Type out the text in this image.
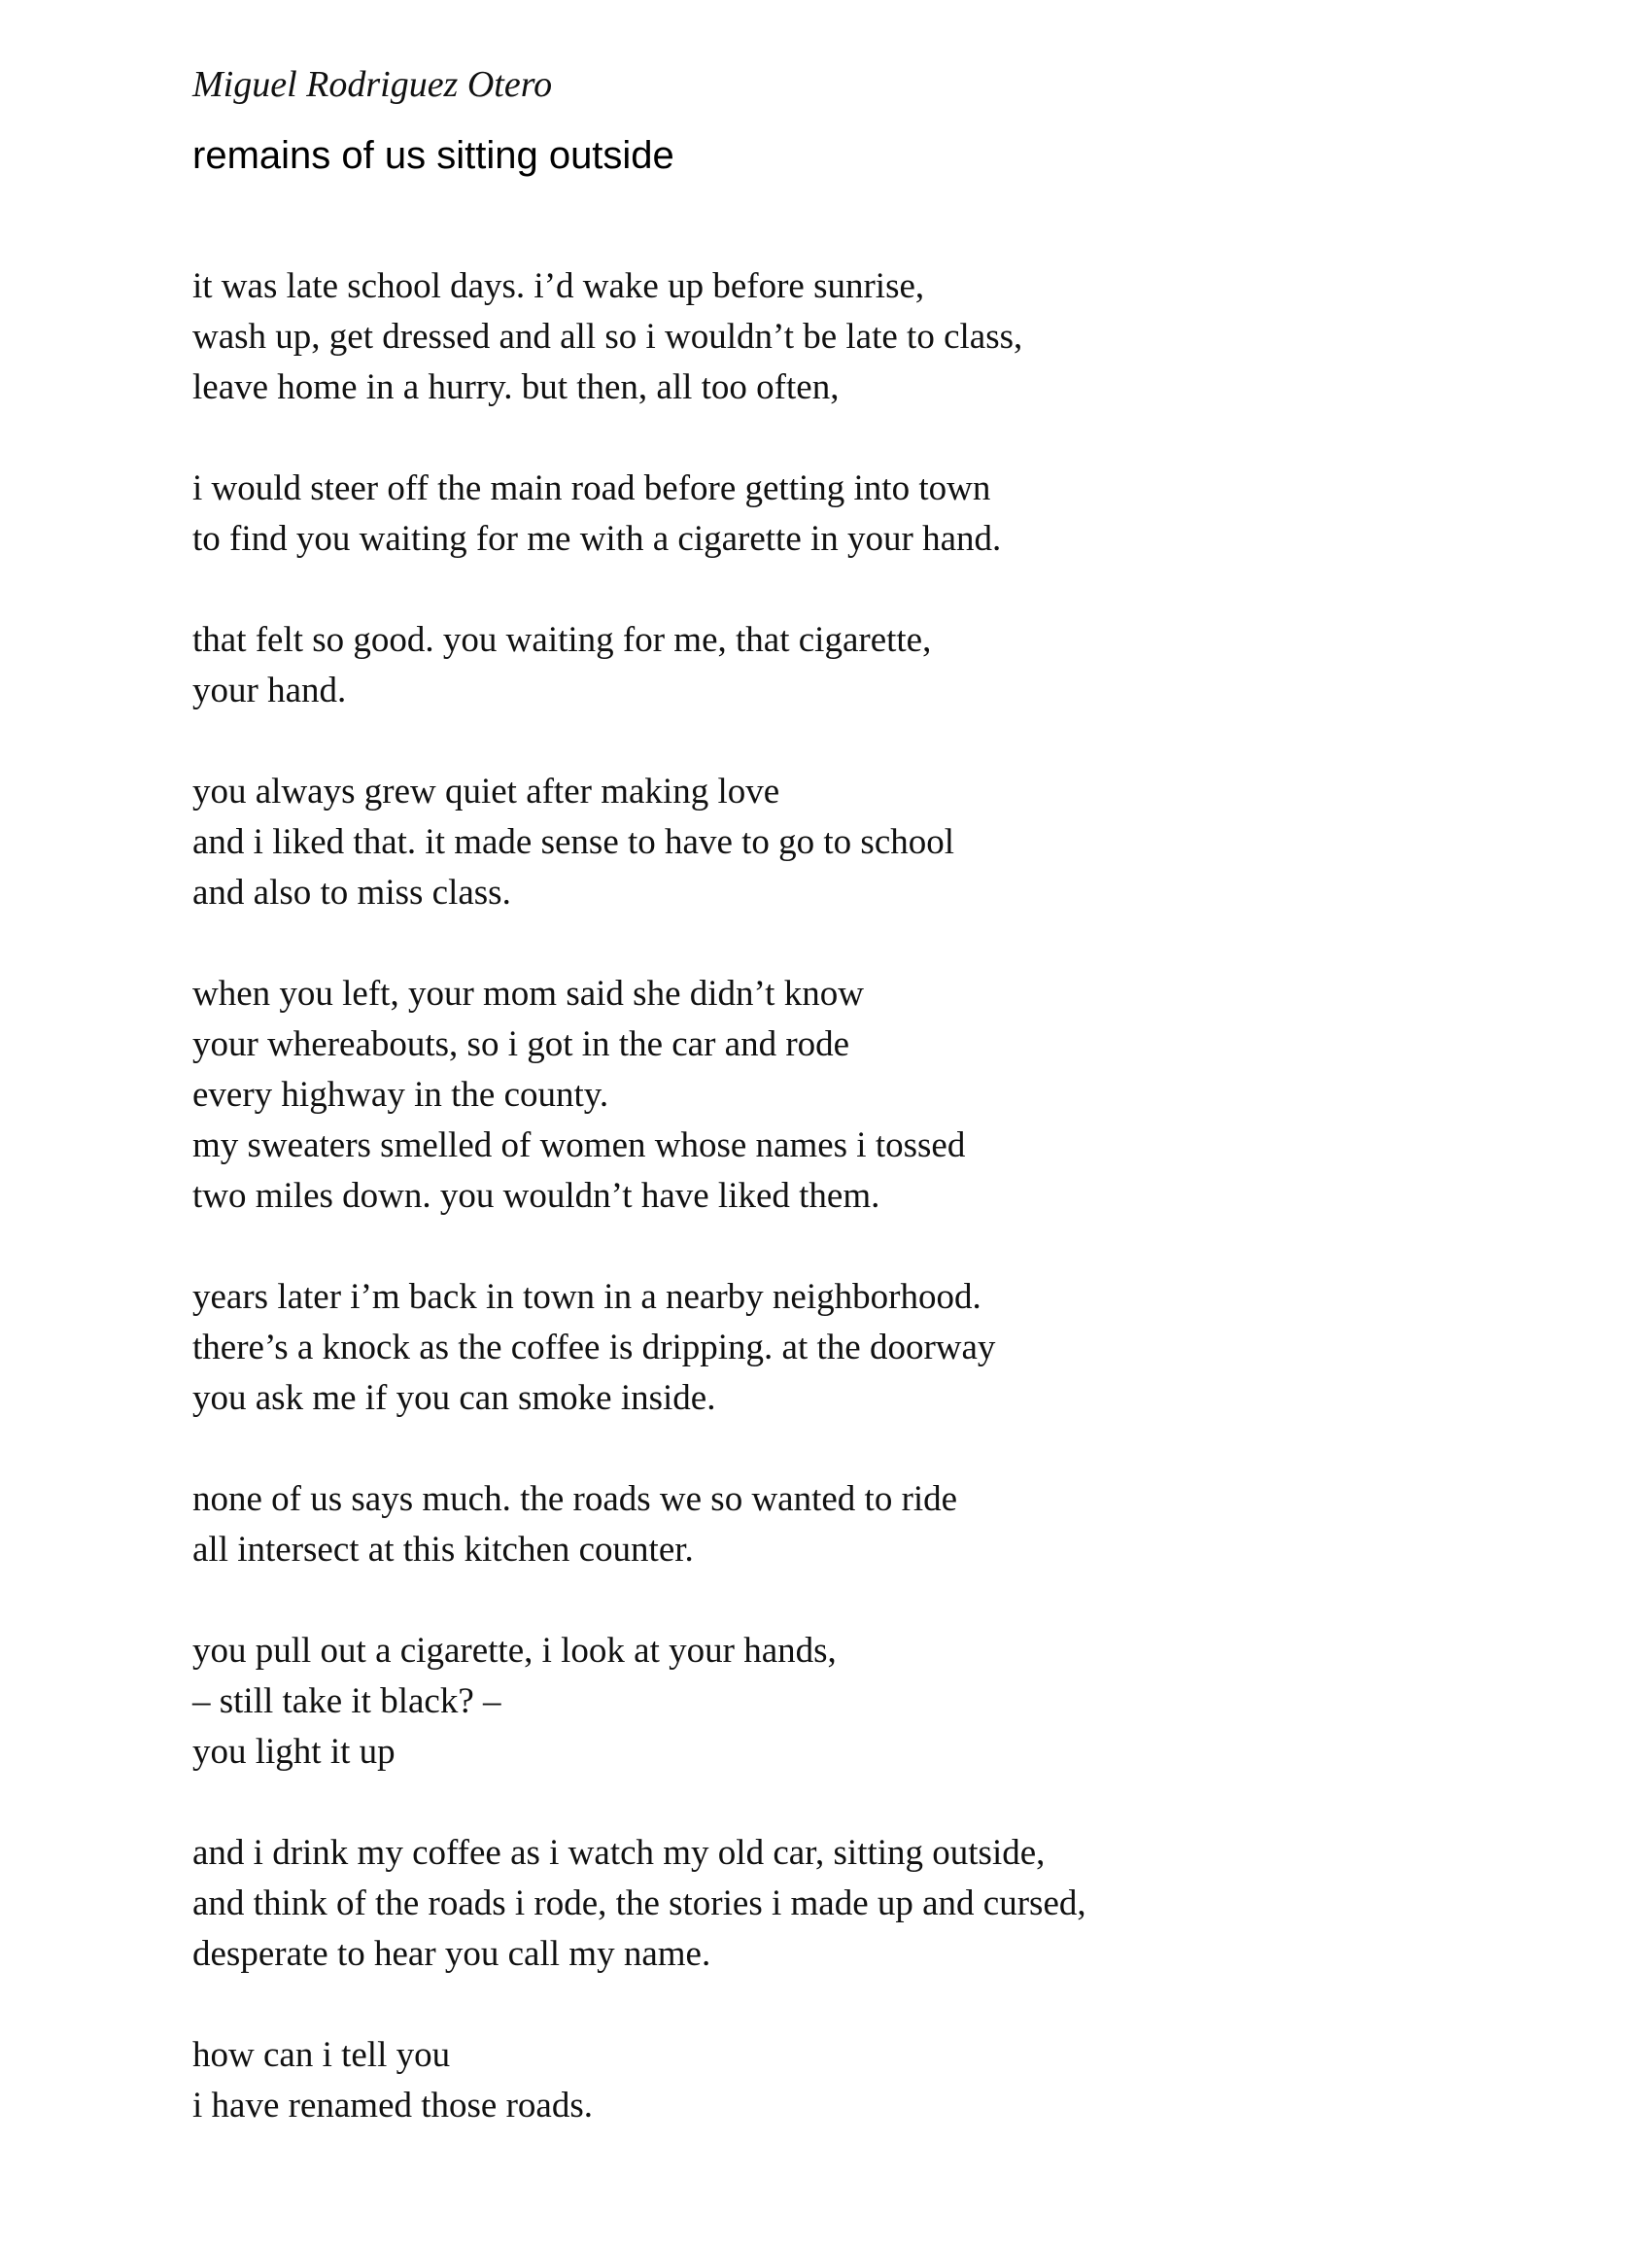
Miguel Rodriguez Otero
remains of us sitting outside
it was late school days. i’d wake up before sunrise,
wash up, get dressed and all so i wouldn’t be late to class,
leave home in a hurry. but then, all too often,
i would steer off the main road before getting into town
to find you waiting for me with a cigarette in your hand.
that felt so good. you waiting for me, that cigarette,
your hand.
you always grew quiet after making love
and i liked that. it made sense to have to go to school
and also to miss class.
when you left, your mom said she didn’t know
your whereabouts, so i got in the car and rode
every highway in the county.
my sweaters smelled of women whose names i tossed
two miles down. you wouldn’t have liked them.
years later i’m back in town in a nearby neighborhood.
there’s a knock as the coffee is dripping. at the doorway
you ask me if you can smoke inside.
none of us says much. the roads we so wanted to ride
all intersect at this kitchen counter.
you pull out a cigarette, i look at your hands,
– still take it black? –
you light it up
and i drink my coffee as i watch my old car, sitting outside,
and think of the roads i rode, the stories i made up and cursed,
desperate to hear you call my name.
how can i tell you
i have renamed those roads.
